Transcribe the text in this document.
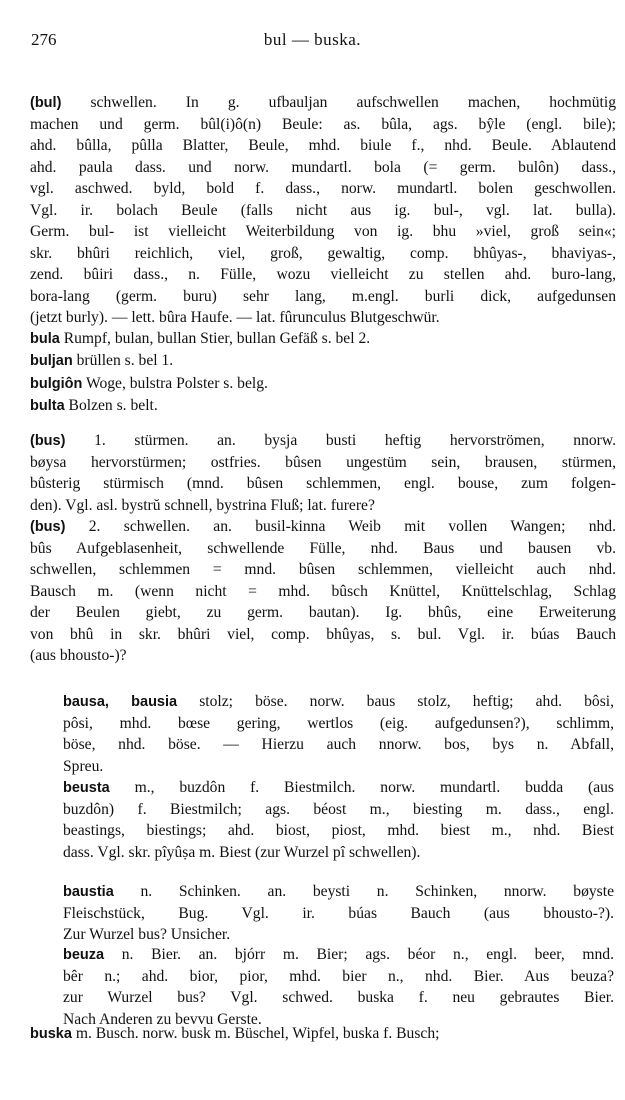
276	bul — buska.
(bul) schwellen. In g. ufbauljan aufschwellen machen, hochmütig
machen und germ. bûl(i)ô(n) Beule: as. bûla, ags. bŷle (engl. bile);
ahd. bûlla, pûlla Blatter, Beule, mhd. biule f., nhd. Beule. Ablautend
ahd. paula dass. und norw. mundartl. bola (= germ. bulôn) dass.,
vgl. aschwed. byld, bold f. dass., norw. mundartl. bolen geschwollen.
Vgl. ir. bolach Beule (falls nicht aus ig. bul-, vgl. lat. bulla).
Germ. bul- ist vielleicht Weiterbildung von ig. bhu »viel, groß sein«;
skr. bhûri reichlich, viel, groß, gewaltig, comp. bhûyas-, bhaviyas-,
zend. bûiri dass., n. Fülle, wozu vielleicht zu stellen ahd. buro-lang,
bora-lang (germ. buru) sehr lang, m.engl. burli dick, aufgedunsen
(jetzt burly). — lett. bûra Haufe. — lat. fûrunculus Blutgeschwür.
bula Rumpf, bulan, bullan Stier, bullan Gefäß s. bel 2.
buljan brüllen s. bel 1.
bulgiôn Woge, bulstra Polster s. belg.
bulta Bolzen s. belt.
(bus) 1. stürmen. an. bysja busti heftig hervorströmen, nnorw.
bøysa hervorstürmen; ostfries. bûsen ungestüm sein, brausen, stürmen,
bûsterig stürmisch (mnd. bûsen schlemmen, engl. bouse, zum folgen-
den). Vgl. asl. bystrŭ schnell, bystrina Fluß; lat. furere?
(bus) 2. schwellen. an. busil-kinna Weib mit vollen Wangen; nhd.
bûs Aufgeblasenheit, schwellende Fülle, nhd. Baus und bausen vb.
schwellen, schlemmen = mnd. bûsen schlemmen, vielleicht auch nhd.
Bausch m. (wenn nicht = mhd. bûsch Knüttel, Knüttelschlag, Schlag
der Beulen giebt, zu germ. bautan). Ig. bhûs, eine Erweiterung
von bhû in skr. bhûri viel, comp. bhûyas, s. bul. Vgl. ir. búas Bauch
(aus bhousto-)?
bausa, bausia stolz; böse. norw. baus stolz, heftig; ahd. bôsi,
pôsi, mhd. bœse gering, wertlos (eig. aufgedunsen?), schlimm,
böse, nhd. böse. — Hierzu auch nnorw. bos, bys n. Abfall,
Spreu.
beusta m., buzdôn f. Biestmilch. norw. mundartl. budda (aus
buzdôn) f. Biestmilch; ags. béost m., biesting m. dass., engl.
beastings, biestings; ahd. biost, piost, mhd. biest m., nhd. Biest
dass. Vgl. skr. pîyûṣa m. Biest (zur Wurzel pî schwellen).
baustia n. Schinken. an. beysti n. Schinken, nnorw. bøyste
Fleischstück, Bug. Vgl. ir. búas Bauch (aus bhousto-?).
Zur Wurzel bus? Unsicher.
beuza n. Bier. an. bjórr m. Bier; ags. béor n., engl. beer, mnd.
bêr n.; ahd. bior, pior, mhd. bier n., nhd. Bier. Aus beuza?
zur Wurzel bus? Vgl. schwed. buska f. neu gebrautes Bier.
Nach Anderen zu bevvu Gerste.
buska m. Busch. norw. busk m. Büschel, Wipfel, buska f. Busch;
